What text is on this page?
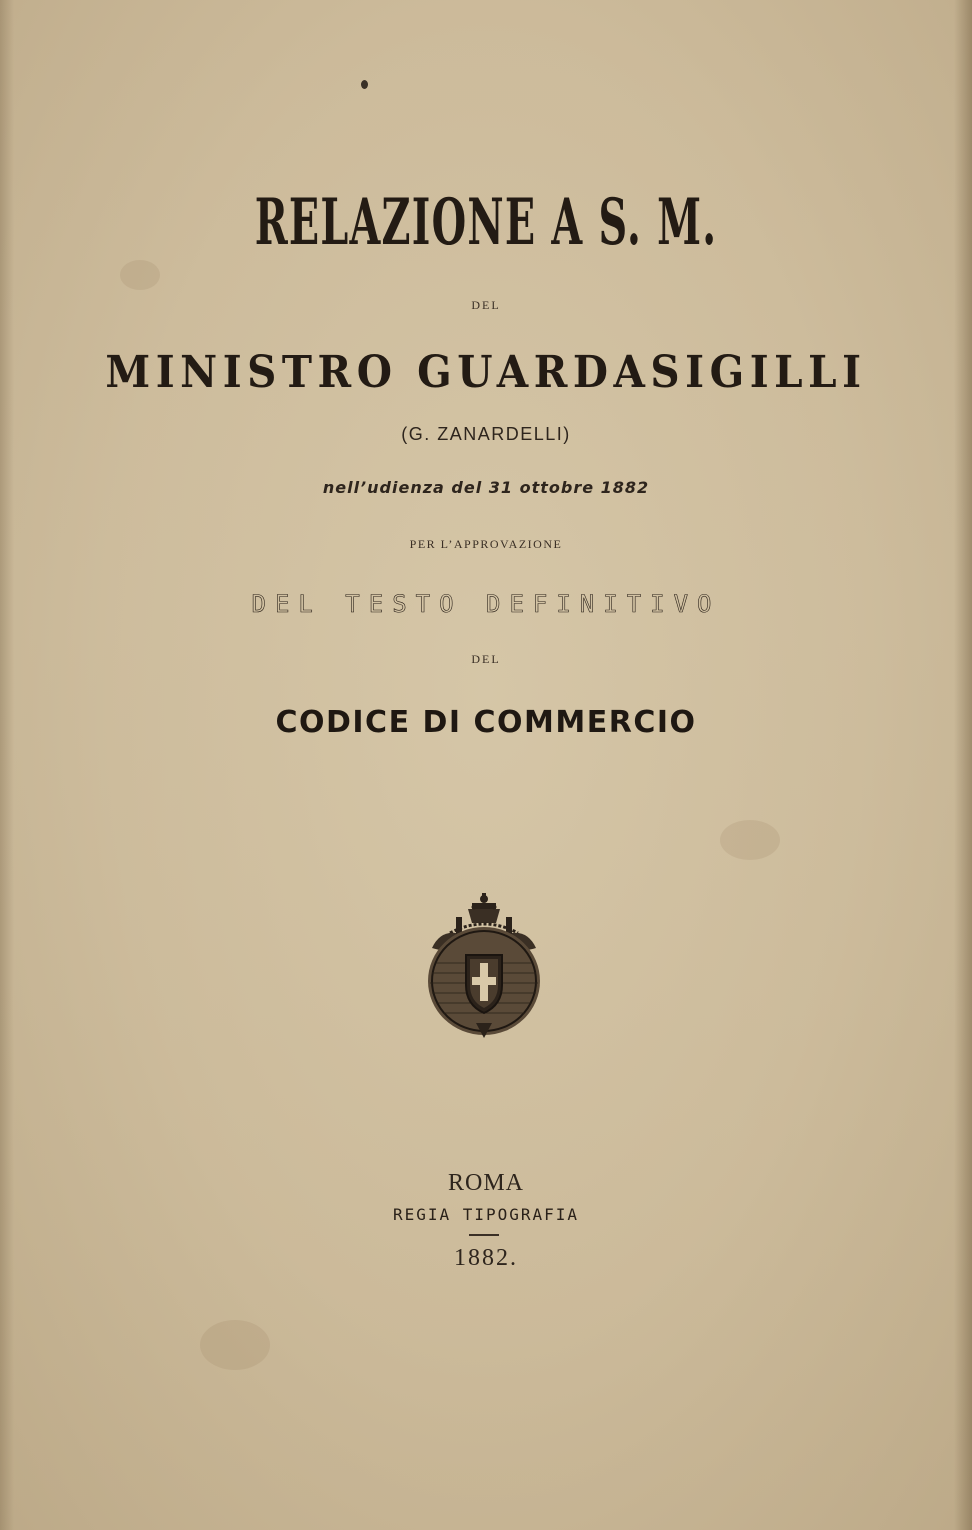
RELAZIONE A S. M.
DEL
MINISTRO GUARDASIGILLI
(G. ZANARDELLI)
nell’udienza del 31 ottobre 1882
PER L’APPROVAZIONE
DEL TESTO DEFINITIVO
DEL
CODICE DI COMMERCIO
ROMA
REGIA TIPOGRAFIA
1882.
